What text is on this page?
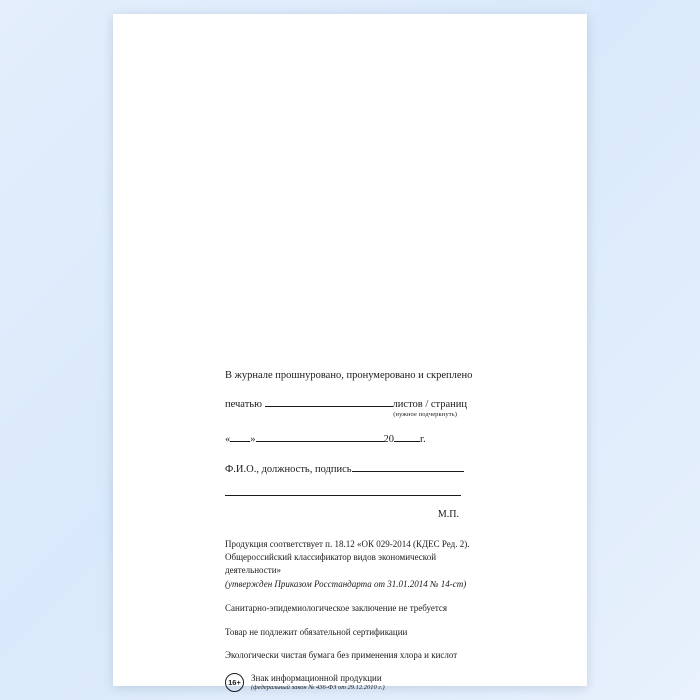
В журнале прошнуровано, пронумеровано и скреплено
печатью	листов / страниц
(нужное подчеркнуть)
« »	20 г.
Ф.И.О., должность, подпись
М.П.
Продукция соответствует п. 18.12 «ОК 029-2014 (КДЕС Ред. 2).
Общероссийский классификатор видов экономической деятельности»
(утвержден Приказом Росстандарта от 31.01.2014 № 14-ст)
Санитарно-эпидемиологическое заключение не требуется
Товар не подлежит обязательной сертификации
Экологически чистая бумага без применения хлора и кислот
16+	Знак информационной продукции
(федеральный закон № 436-ФЗ от 29.12.2010 г.)
